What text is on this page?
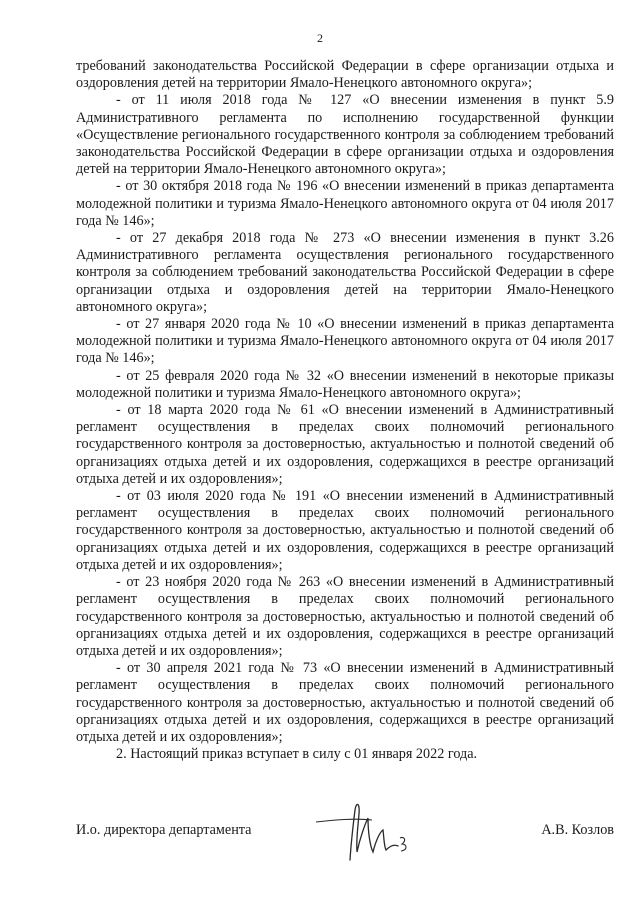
2

требований законодательства Российской Федерации в сфере организации отдыха и оздоровления детей на территории Ямало-Ненецкого автономного округа»;

- от 11 июля 2018 года № 127 «О внесении изменения в пункт 5.9 Административного регламента по исполнению государственной функции «Осуществление регионального государственного контроля за соблюдением требований законодательства Российской Федерации в сфере организации отдыха и оздоровления детей на территории Ямало-Ненецкого автономного округа»;

- от 30 октября 2018 года № 196 «О внесении изменений в приказ департамента молодежной политики и туризма Ямало-Ненецкого автономного округа от 04 июля 2017 года № 146»;

- от 27 декабря 2018 года № 273 «О внесении изменения в пункт 3.26 Административного регламента осуществления регионального государственного контроля за соблюдением требований законодательства Российской Федерации в сфере организации отдыха и оздоровления детей на территории Ямало-Ненецкого автономного округа»;

- от 27 января 2020 года № 10 «О внесении изменений в приказ департамента молодежной политики и туризма Ямало-Ненецкого автономного округа от 04 июля 2017 года № 146»;

- от 25 февраля 2020 года № 32 «О внесении изменений в некоторые приказы молодежной политики и туризма Ямало-Ненецкого автономного округа»;

- от 18 марта 2020 года № 61 «О внесении изменений в Административный регламент осуществления в пределах своих полномочий регионального государственного контроля за достоверностью, актуальностью и полнотой сведений об организациях отдыха детей и их оздоровления, содержащихся в реестре организаций отдыха детей и их оздоровления»;

- от 03 июля 2020 года № 191 «О внесении изменений в Административный регламент осуществления в пределах своих полномочий регионального государственного контроля за достоверностью, актуальностью и полнотой сведений об организациях отдыха детей и их оздоровления, содержащихся в реестре организаций отдыха детей и их оздоровления»;

- от 23 ноября 2020 года № 263 «О внесении изменений в Административный регламент осуществления в пределах своих полномочий регионального государственного контроля за достоверностью, актуальностью и полнотой сведений об организациях отдыха детей и их оздоровления, содержащихся в реестре организаций отдыха детей и их оздоровления»;

- от 30 апреля 2021 года № 73 «О внесении изменений в Административный регламент осуществления в пределах своих полномочий регионального государственного контроля за достоверностью, актуальностью и полнотой сведений об организациях отдыха детей и их оздоровления, содержащихся в реестре организаций отдыха детей и их оздоровления»;

2. Настоящий приказ вступает в силу с 01 января 2022 года.

И.о. директора департамента	А.В. Козлов
